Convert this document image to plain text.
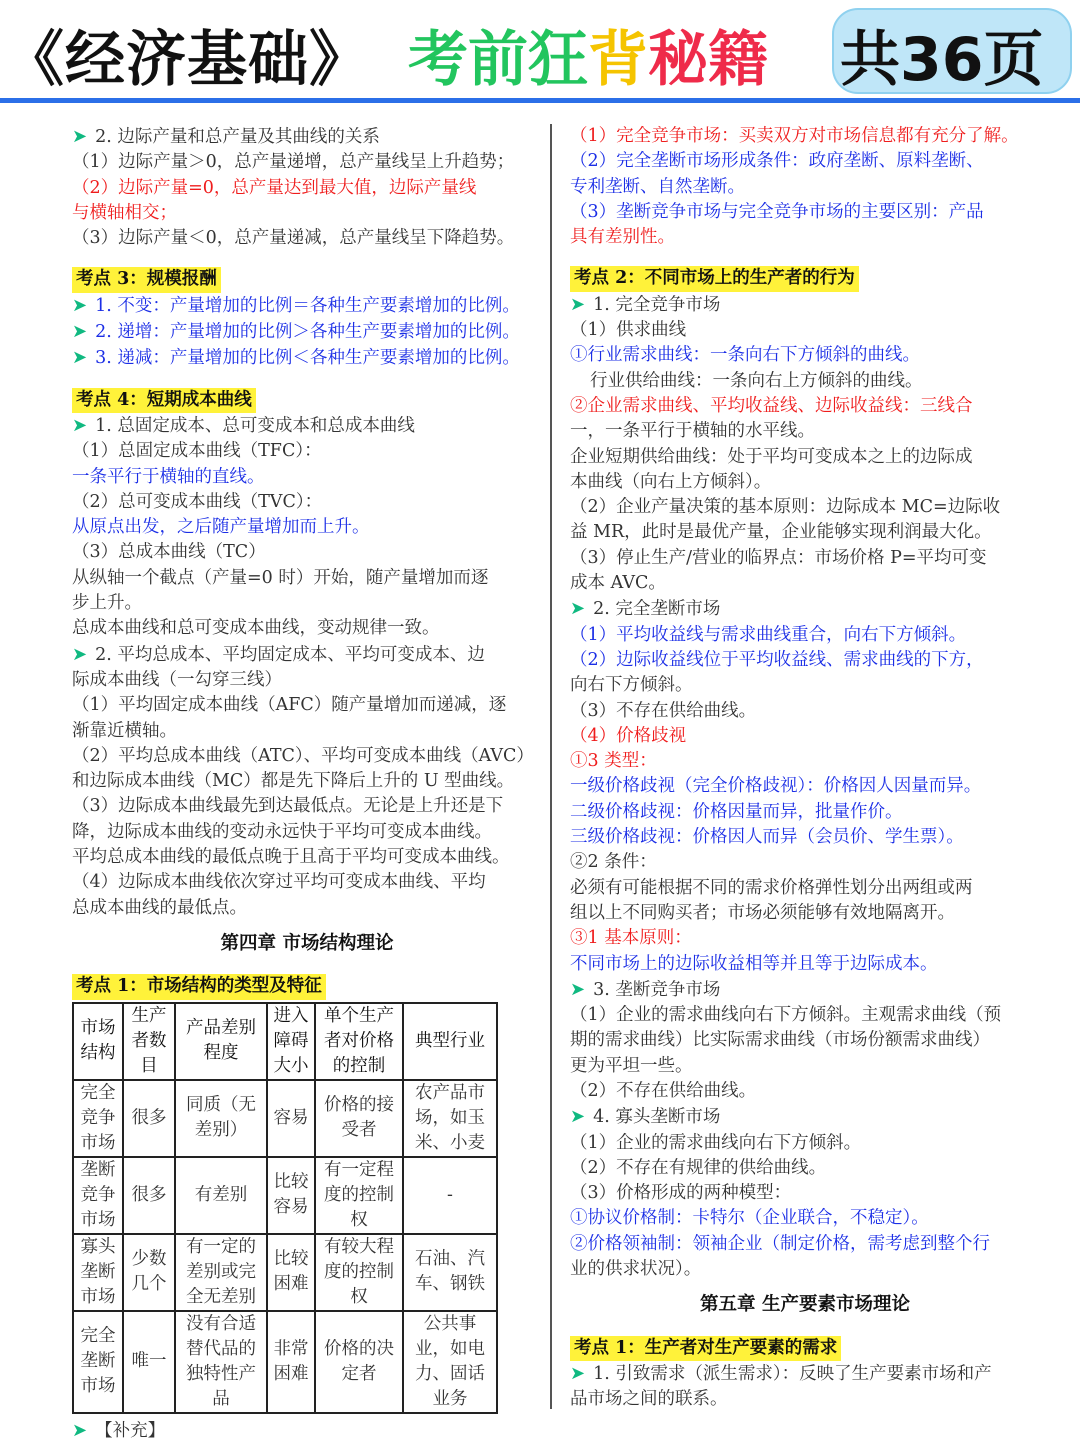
《经济基础》 考前狂背秘籍 共36页
➤ 2. 边际产量和总产量及其曲线的关系
（1）边际产量＞0，总产量递增，总产量线呈上升趋势；
（2）边际产量=0，总产量达到最大值，边际产量线
与横轴相交；
（3）边际产量＜0，总产量递减，总产量线呈下降趋势。
考点 3：规模报酬
➤ 1. 不变：产量增加的比例＝各种生产要素增加的比例。
➤ 2. 递增：产量增加的比例＞各种生产要素增加的比例。
➤ 3. 递减：产量增加的比例＜各种生产要素增加的比例。
考点 4：短期成本曲线
➤ 1. 总固定成本、总可变成本和总成本曲线
（1）总固定成本曲线（TFC）：
一条平行于横轴的直线。
（2）总可变成本曲线（TVC）：
从原点出发，之后随产量增加而上升。
（3）总成本曲线（TC）
从纵轴一个截点（产量=0 时）开始，随产量增加而逐
步上升。
总成本曲线和总可变成本曲线，变动规律一致。
➤ 2. 平均总成本、平均固定成本、平均可变成本、边
际成本曲线（一勾穿三线）
（1）平均固定成本曲线（AFC）随产量增加而递减，逐
渐靠近横轴。
（2）平均总成本曲线（ATC）、平均可变成本曲线（AVC）
和边际成本曲线（MC）都是先下降后上升的 U 型曲线。
（3）边际成本曲线最先到达最低点。无论是上升还是下
降，边际成本曲线的变动永远快于平均可变成本曲线。
平均总成本曲线的最低点晚于且高于平均可变成本曲线。
（4）边际成本曲线依次穿过平均可变成本曲线、平均
总成本曲线的最低点。
第四章 市场结构理论
考点 1：市场结构的类型及特征
市场结构	生产者数目	产品差别程度	进入障碍大小	单个生产者对价格的控制	典型行业
完全竞争市场	很多	同质（无差别）	容易	价格的接受者	农产品市场，如玉米、小麦
垄断竞争市场	很多	有差别	比较容易	有一定程度的控制权	-
寡头垄断市场	少数几个	有一定的差别或完全无差别	比较困难	有较大程度的控制权	石油、汽车、钢铁
完全垄断市场	唯一	没有合适替代品的独特性产品	非常困难	价格的决定者	公共事业，如电力、固话业务
➤ 【补充】
（1）完全竞争市场：买卖双方对市场信息都有充分了解。
（2）完全垄断市场形成条件：政府垄断、原料垄断、
专利垄断、自然垄断。
（3）垄断竞争市场与完全竞争市场的主要区别：产品
具有差别性。
考点 2：不同市场上的生产者的行为
➤ 1. 完全竞争市场
（1）供求曲线
①行业需求曲线：一条向右下方倾斜的曲线。
行业供给曲线：一条向右上方倾斜的曲线。
②企业需求曲线、平均收益线、边际收益线：三线合
一，一条平行于横轴的水平线。
企业短期供给曲线：处于平均可变成本之上的边际成
本曲线（向右上方倾斜）。
（2）企业产量决策的基本原则：边际成本 MC=边际收
益 MR，此时是最优产量，企业能够实现利润最大化。
（3）停止生产/营业的临界点：市场价格 P=平均可变
成本 AVC。
➤ 2. 完全垄断市场
（1）平均收益线与需求曲线重合，向右下方倾斜。
（2）边际收益线位于平均收益线、需求曲线的下方，
向右下方倾斜。
（3）不存在供给曲线。
（4）价格歧视
①3 类型：
一级价格歧视（完全价格歧视）：价格因人因量而异。
二级价格歧视：价格因量而异，批量作价。
三级价格歧视：价格因人而异（会员价、学生票）。
②2 条件：
必须有可能根据不同的需求价格弹性划分出两组或两
组以上不同购买者；市场必须能够有效地隔离开。
③1 基本原则：
不同市场上的边际收益相等并且等于边际成本。
➤ 3. 垄断竞争市场
（1）企业的需求曲线向右下方倾斜。主观需求曲线（预
期的需求曲线）比实际需求曲线（市场份额需求曲线）
更为平坦一些。
（2）不存在供给曲线。
➤ 4. 寡头垄断市场
（1）企业的需求曲线向右下方倾斜。
（2）不存在有规律的供给曲线。
（3）价格形成的两种模型：
①协议价格制：卡特尔（企业联合，不稳定）。
②价格领袖制：领袖企业（制定价格，需考虑到整个行
业的供求状况）。
第五章 生产要素市场理论
考点 1：生产者对生产要素的需求
➤ 1. 引致需求（派生需求）：反映了生产要素市场和产
品市场之间的联系。
